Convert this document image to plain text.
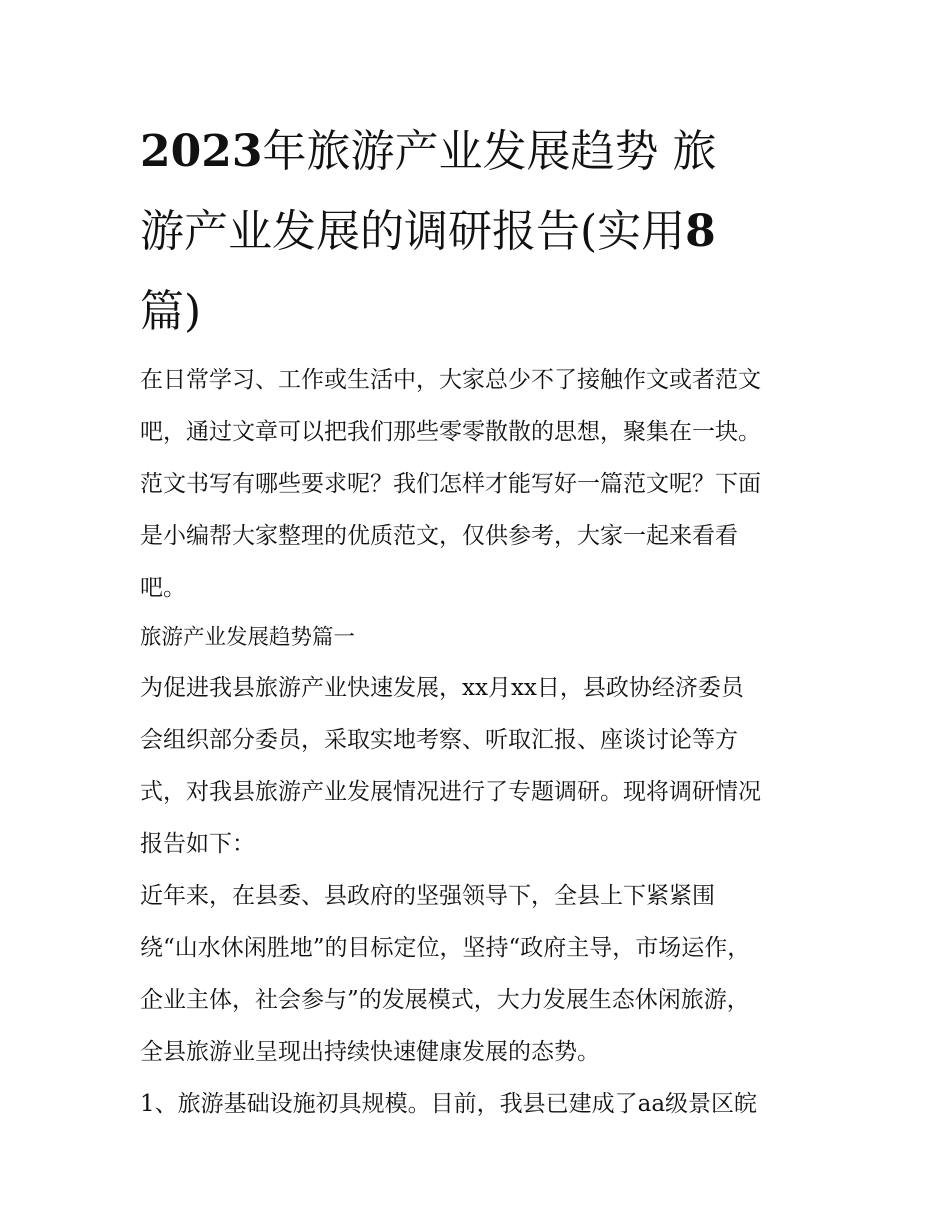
2023年旅游产业发展趋势 旅
游产业发展的调研报告(实用8
篇)

在日常学习、工作或生活中，大家总少不了接触作文或者范文

吧，通过文章可以把我们那些零零散散的思想，聚集在一块。

范文书写有哪些要求呢？我们怎样才能写好一篇范文呢？下面

是小编帮大家整理的优质范文，仅供参考，大家一起来看看

吧。

旅游产业发展趋势篇一

为促进我县旅游产业快速发展，xx月xx日，县政协经济委员

会组织部分委员，采取实地考察、听取汇报、座谈讨论等方

式，对我县旅游产业发展情况进行了专题调研。现将调研情况

报告如下：

近年来，在县委、县政府的坚强领导下，全县上下紧紧围

绕“山水休闲胜地”的目标定位，坚持“政府主导，市场运作，

企业主体，社会参与”的发展模式，大力发展生态休闲旅游，

全县旅游业呈现出持续快速健康发展的态势。

1、旅游基础设施初具规模。目前，我县已建成了aa级景区皖
